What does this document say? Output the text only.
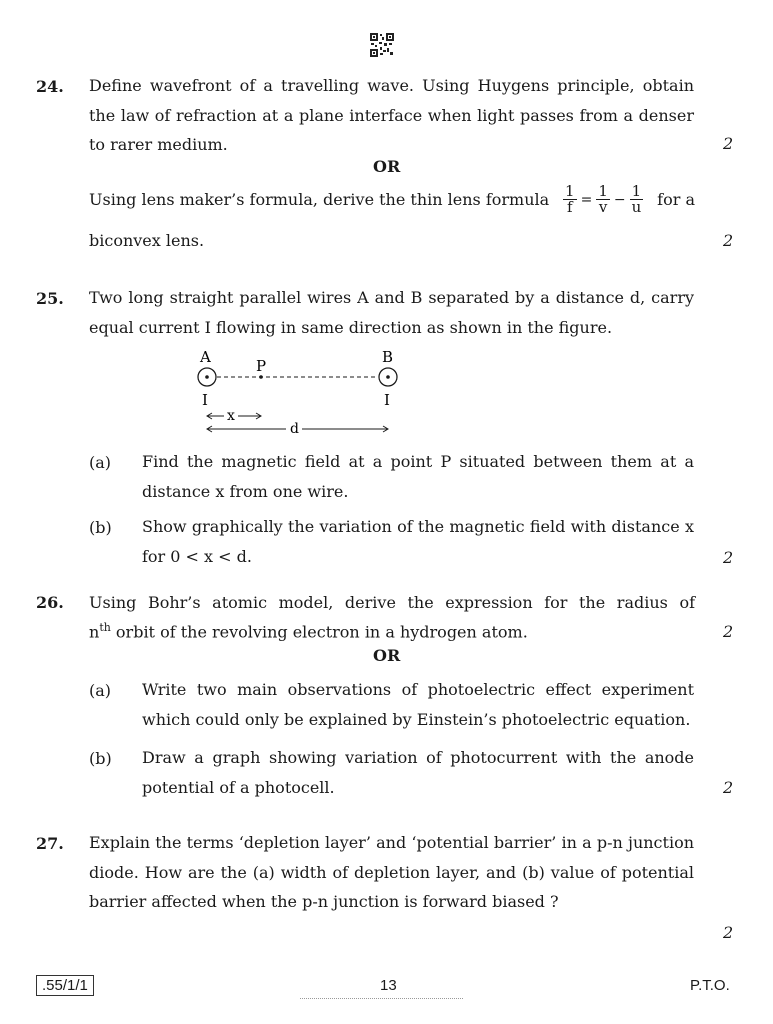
24. Define wavefront of a travelling wave. Using Huygens principle, obtain the law of refraction at a plane interface when light passes from a denser to rarer medium.	2
OR
Using lens maker’s formula, derive the thin lens formula $\frac{1}{f} = \frac{1}{v} - \frac{1}{u}$ for a
biconvex lens.	2
25. Two long straight parallel wires A and B separated by a distance d, carry equal current I flowing in same direction as shown in the figure.
A	P	B
I	I
x
d
(a) Find the magnetic field at a point P situated between them at a distance x from one wire.
(b) Show graphically the variation of the magnetic field with distance x for 0 < x < d.	2
26. Using Bohr’s atomic model, derive the expression for the radius of
$n^{th}$ orbit of the revolving electron in a hydrogen atom.	2
OR
(a) Write two main observations of photoelectric effect experiment which could only be explained by Einstein’s photoelectric equation.
(b) Draw a graph showing variation of photocurrent with the anode potential of a photocell.	2
27. Explain the terms ‘depletion layer’ and ‘potential barrier’ in a p-n junction diode. How are the (a) width of depletion layer, and (b) value of potential barrier affected when the p-n junction is forward biased ?
2
.55/1/1	13	P.T.O.
